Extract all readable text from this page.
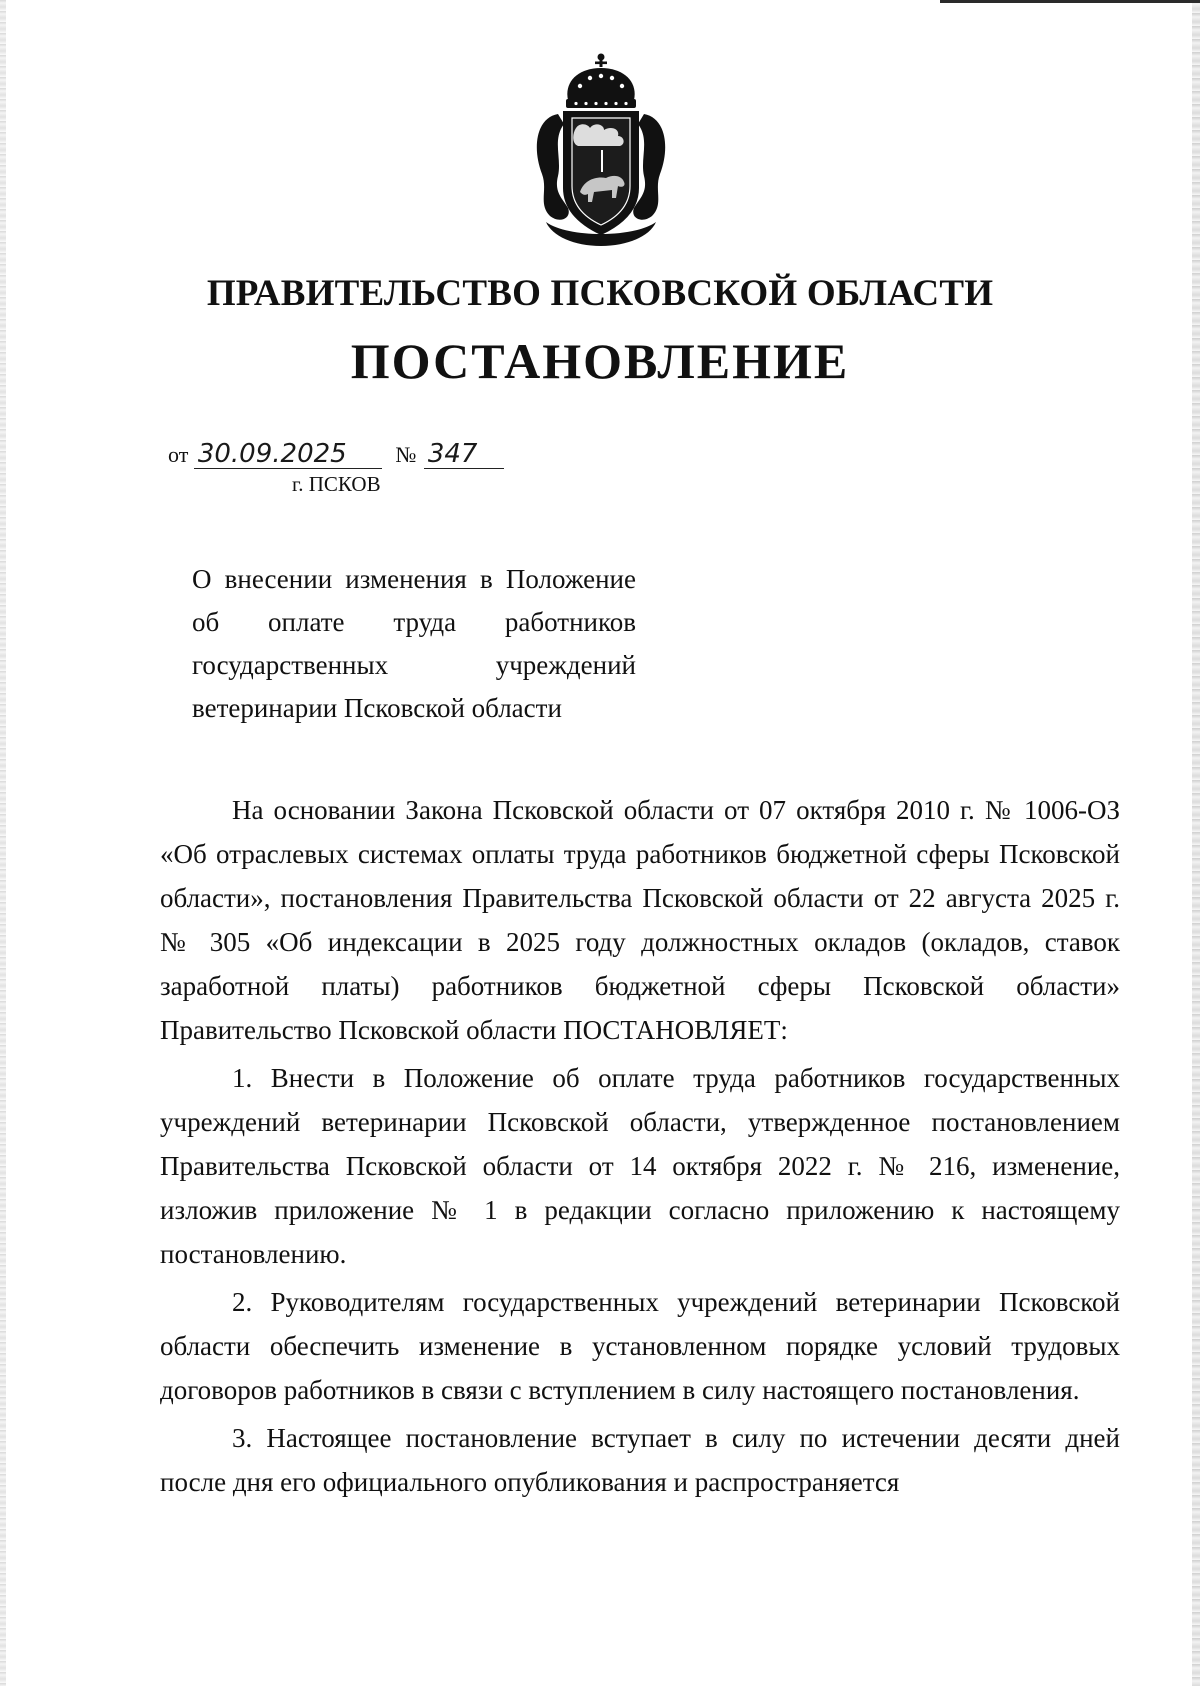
ПРАВИТЕЛЬСТВО ПСКОВСКОЙ ОБЛАСТИ
ПОСТАНОВЛЕНИЕ
от 30.09.2025 № 347
г. ПСКОВ
О внесении изменения в Положение
об оплате труда работников
государственных учреждений
ветеринарии Псковской области

На основании Закона Псковской области от 07 октября 2010 г. № 1006-ОЗ «Об отраслевых системах оплаты труда работников бюджетной сферы Псковской области», постановления Правительства Псковской области от 22 августа 2025 г. № 305 «Об индексации в 2025 году должностных окладов (окладов, ставок заработной платы) работников бюджетной сферы Псковской области» Правительство Псковской области ПОСТАНОВЛЯЕТ:

1. Внести в Положение об оплате труда работников государственных учреждений ветеринарии Псковской области, утвержденное постановлением Правительства Псковской области от 14 октября 2022 г. № 216, изменение, изложив приложение № 1 в редакции согласно приложению к настоящему постановлению.

2. Руководителям государственных учреждений ветеринарии Псковской области обеспечить изменение в установленном порядке условий трудовых договоров работников в связи с вступлением в силу настоящего постановления.

3. Настоящее постановление вступает в силу по истечении десяти дней после дня его официального опубликования и распространяется
